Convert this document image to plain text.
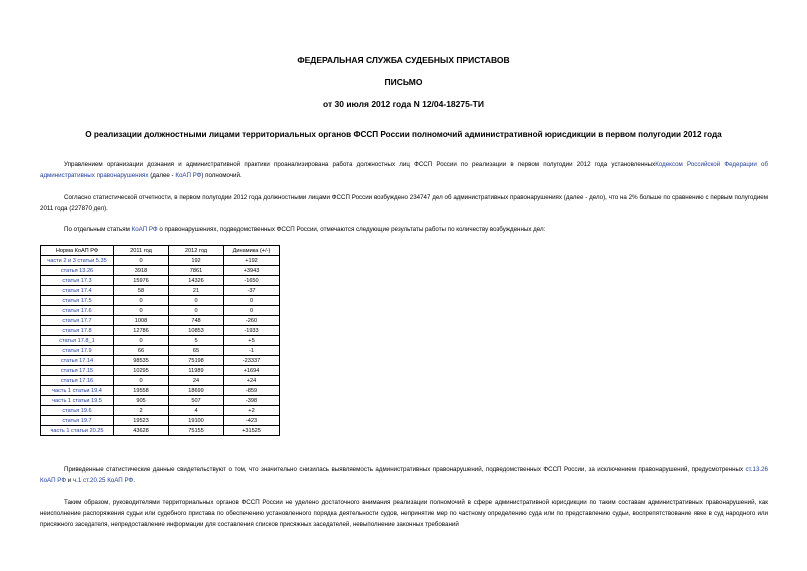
ФЕДЕРАЛЬНАЯ СЛУЖБА СУДЕБНЫХ ПРИСТАВОВ
ПИСЬМО
от 30 июля 2012 года N 12/04-18275-ТИ
О реализации должностными лицами территориальных органов ФССП России полномочий административной юрисдикции в первом полугодии 2012 года
Управлением организации дознания и административной практики проанализирована работа должностных лиц ФССП России по реализации в первом полугодии 2012 года установленныхКодексом Российской Федерации об административных правонарушениях (далее - КоАП РФ) полномочий.
Согласно статистической отчетности, в первом полугодии 2012 года должностными лицами ФССП России возбуждено 234747 дел об административных правонарушениях (далее - дело), что на 2% больше по сравнению с первым полугодием 2011 года (227870 дел).
По отдельным статьям КоАП РФ о правонарушениях, подведомственных ФССП России, отмечаются следующие результаты работы по количеству возбужденных дел:
Норма КоАП РФ	2011 год	2012 год	Динамика (+/-)
части 2 и 3 статьи 5.35	0	192	+192
статья 13.26	3918	7861	+3943
статья 17.3	15976	14326	-1650
статья 17.4	58	21	-37
статья 17.5	0	0	0
статья 17.6	0	0	0
статья 17.7	1008	748	-260
статья 17.8	12786	10853	-1933
статья 17.8_1	0	5	+5
статья 17.9	66	65	-1
статья 17.14	98535	75198	-23337
статья 17.15	10295	11989	+1694
статья 17.16	0	24	+24
часть 1 статьи 19.4	19558	18699	-859
часть 1 статьи 19.5	905	507	-398
статья 19.6	2	4	+2
статья 19.7	19523	19100	-423
часть 1 статьи 20.25	43628	75155	+31525
Приведенные статистические данные свидетельствуют о том, что значительно снизилась выявляемость административных правонарушений, подведомственных ФССП России, за исключением правонарушений, предусмотренных ст.13.26 КоАП РФ и ч.1 ст.20.25 КоАП РФ.
Таким образом, руководителями территориальных органов ФССП России не уделено достаточного внимания реализации полномочий в сфере административной юрисдикции по таким составам административных правонарушений, как неисполнение распоряжения судьи или судебного пристава по обеспечению установленного порядка деятельности судов, непринятие мер по частному определению суда или по представлению судьи, воспрепятствование явке в суд народного или присяжного заседателя, непредоставление информации для составления списков присяжных заседателей, невыполнение законных требований
